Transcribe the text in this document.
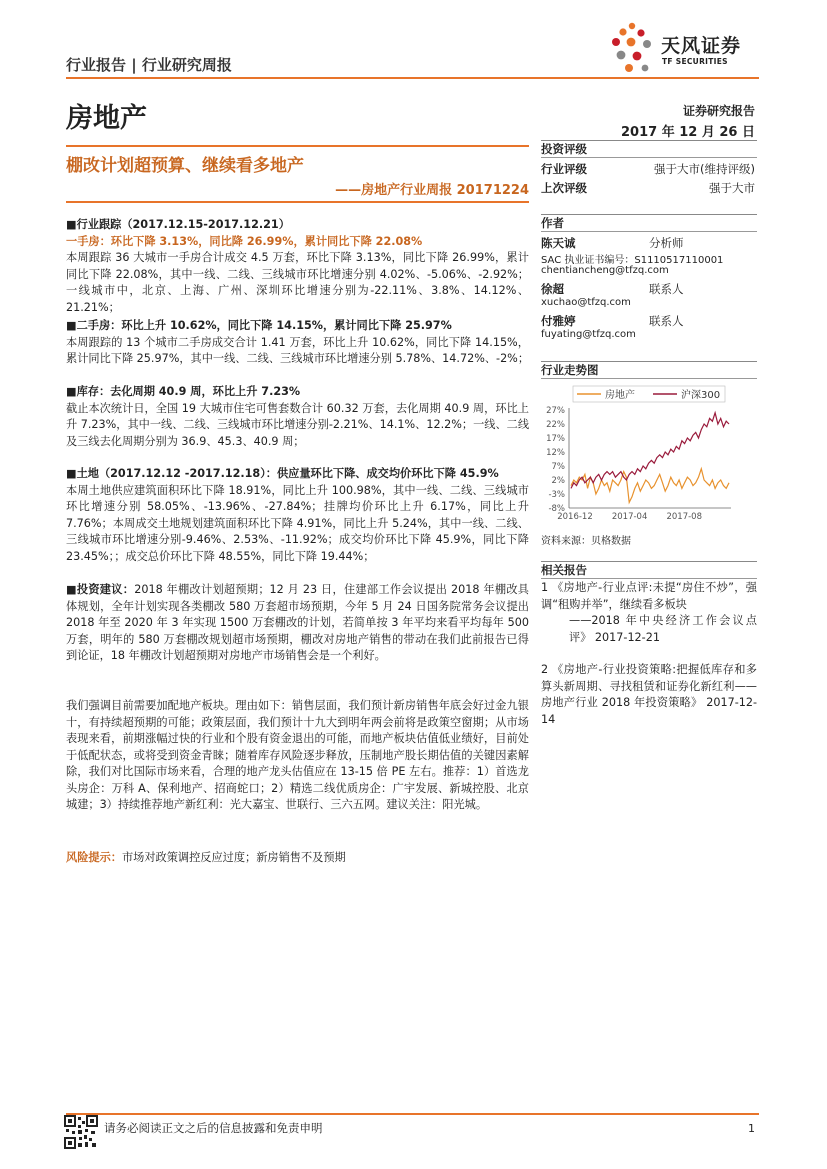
行业报告 | 行业研究周报
天风证券
TF SECURITIES
房地产	证券研究报告
2017 年 12 月 26 日
棚改计划超预算、继续看多地产
——房地产行业周报 20171224
■行业跟踪（2017.12.15-2017.12.21）
一手房：环比下降 3.13%，同比降 26.99%，累计同比下降 22.08%
本周跟踪 36 大城市一手房合计成交 4.5 万套，环比下降 3.13%，同比下降 26.99%，累计同比下降 22.08%，其中一线、二线、三线城市环比增速分别 4.02%、-5.06%、-2.92%；一线城市中，北京、上海、广州、深圳环比增速分别为-22.11%、3.8%、14.12%、21.21%；
■二手房：环比上升 10.62%，同比下降 14.15%，累计同比下降 25.97%
本周跟踪的 13 个城市二手房成交合计 1.41 万套，环比上升 10.62%，同比下降 14.15%，累计同比下降 25.97%，其中一线、二线、三线城市环比增速分别 5.78%、14.72%、-2%；
■库存：去化周期 40.9 周，环比上升 7.23%
截止本次统计日，全国 19 大城市住宅可售套数合计 60.32 万套，去化周期 40.9 周，环比上升 7.23%，其中一线、二线、三线城市环比增速分别-2.21%、14.1%、12.2%；一线、二线及三线去化周期分别为 36.9、45.3、40.9 周；
■土地（2017.12.12 -2017.12.18）：供应量环比下降、成交均价环比下降 45.9%
本周土地供应建筑面积环比下降 18.91%，同比上升 100.98%，其中一线、二线、三线城市环比增速分别 58.05%、-13.96%、-27.84%；挂牌均价环比上升 6.17%，同比上升 7.76%；本周成交土地规划建筑面积环比下降 4.91%，同比上升 5.24%，其中一线、二线、三线城市环比增速分别-9.46%、2.53%、-11.92%；成交均价环比下降 45.9%，同比下降 23.45%；；成交总价环比下降 48.55%，同比下降 19.44%；
■投资建议：2018 年棚改计划超预期；12 月 23 日，住建部工作会议提出 2018 年棚改具体规划，全年计划实现各类棚改 580 万套超市场预期，今年 5 月 24 日国务院常务会议提出 2018 年至 2020 年 3 年实现 1500 万套棚改的计划，若简单按 3 年平均来看平均每年 500 万套，明年的 580 万套棚改规划超市场预期，棚改对房地产销售的带动在我们此前报告已得到论证，18 年棚改计划超预期对房地产市场销售会是一个利好。
我们强调目前需要加配地产板块。理由如下：销售层面，我们预计新房销售年底会好过金九银十，有持续超预期的可能；政策层面，我们预计十九大到明年两会前将是政策空窗期；从市场表现来看，前期涨幅过快的行业和个股有资金退出的可能，而地产板块估值低业绩好，目前处于低配状态，或将受到资金青睐；随着库存风险逐步释放，压制地产股长期估值的关键因素解除，我们对比国际市场来看，合理的地产龙头估值应在 13-15 倍 PE 左右。推荐：1）首选龙头房企：万科 A、保利地产、招商蛇口；2）精选二线优质房企：广宇发展、新城控股、北京城建；3）持续推荐地产新红利：光大嘉宝、世联行、三六五网。建议关注：阳光城。
风险提示：市场对政策调控反应过度；新房销售不及预期
投资评级
行业评级	强于大市(维持评级)
上次评级	强于大市
作者
陈天诚	分析师
SAC 执业证书编号：S1110517110001
chentiancheng@tfzq.com
徐超	联系人
xuchao@tfzq.com
付雅婷	联系人
fuyating@tfzq.com
行业走势图
房地产	沪深300
27%
22%
17%
12%
7%
2%
-3%
-8%
2016-12 2017-04 2017-08
资料来源：贝格数据
相关报告
1 《房地产-行业点评:未提“房住不炒”，强调“租购并举”，继续看多板块
——2018 年中央经济工作会议点评》 2017-12-21
2 《房地产-行业投资策略:把握低库存和多算头新周期、寻找租赁和证券化新红利——房地产行业 2018 年投资策略》 2017-12-14
请务必阅读正文之后的信息披露和免责申明	1
